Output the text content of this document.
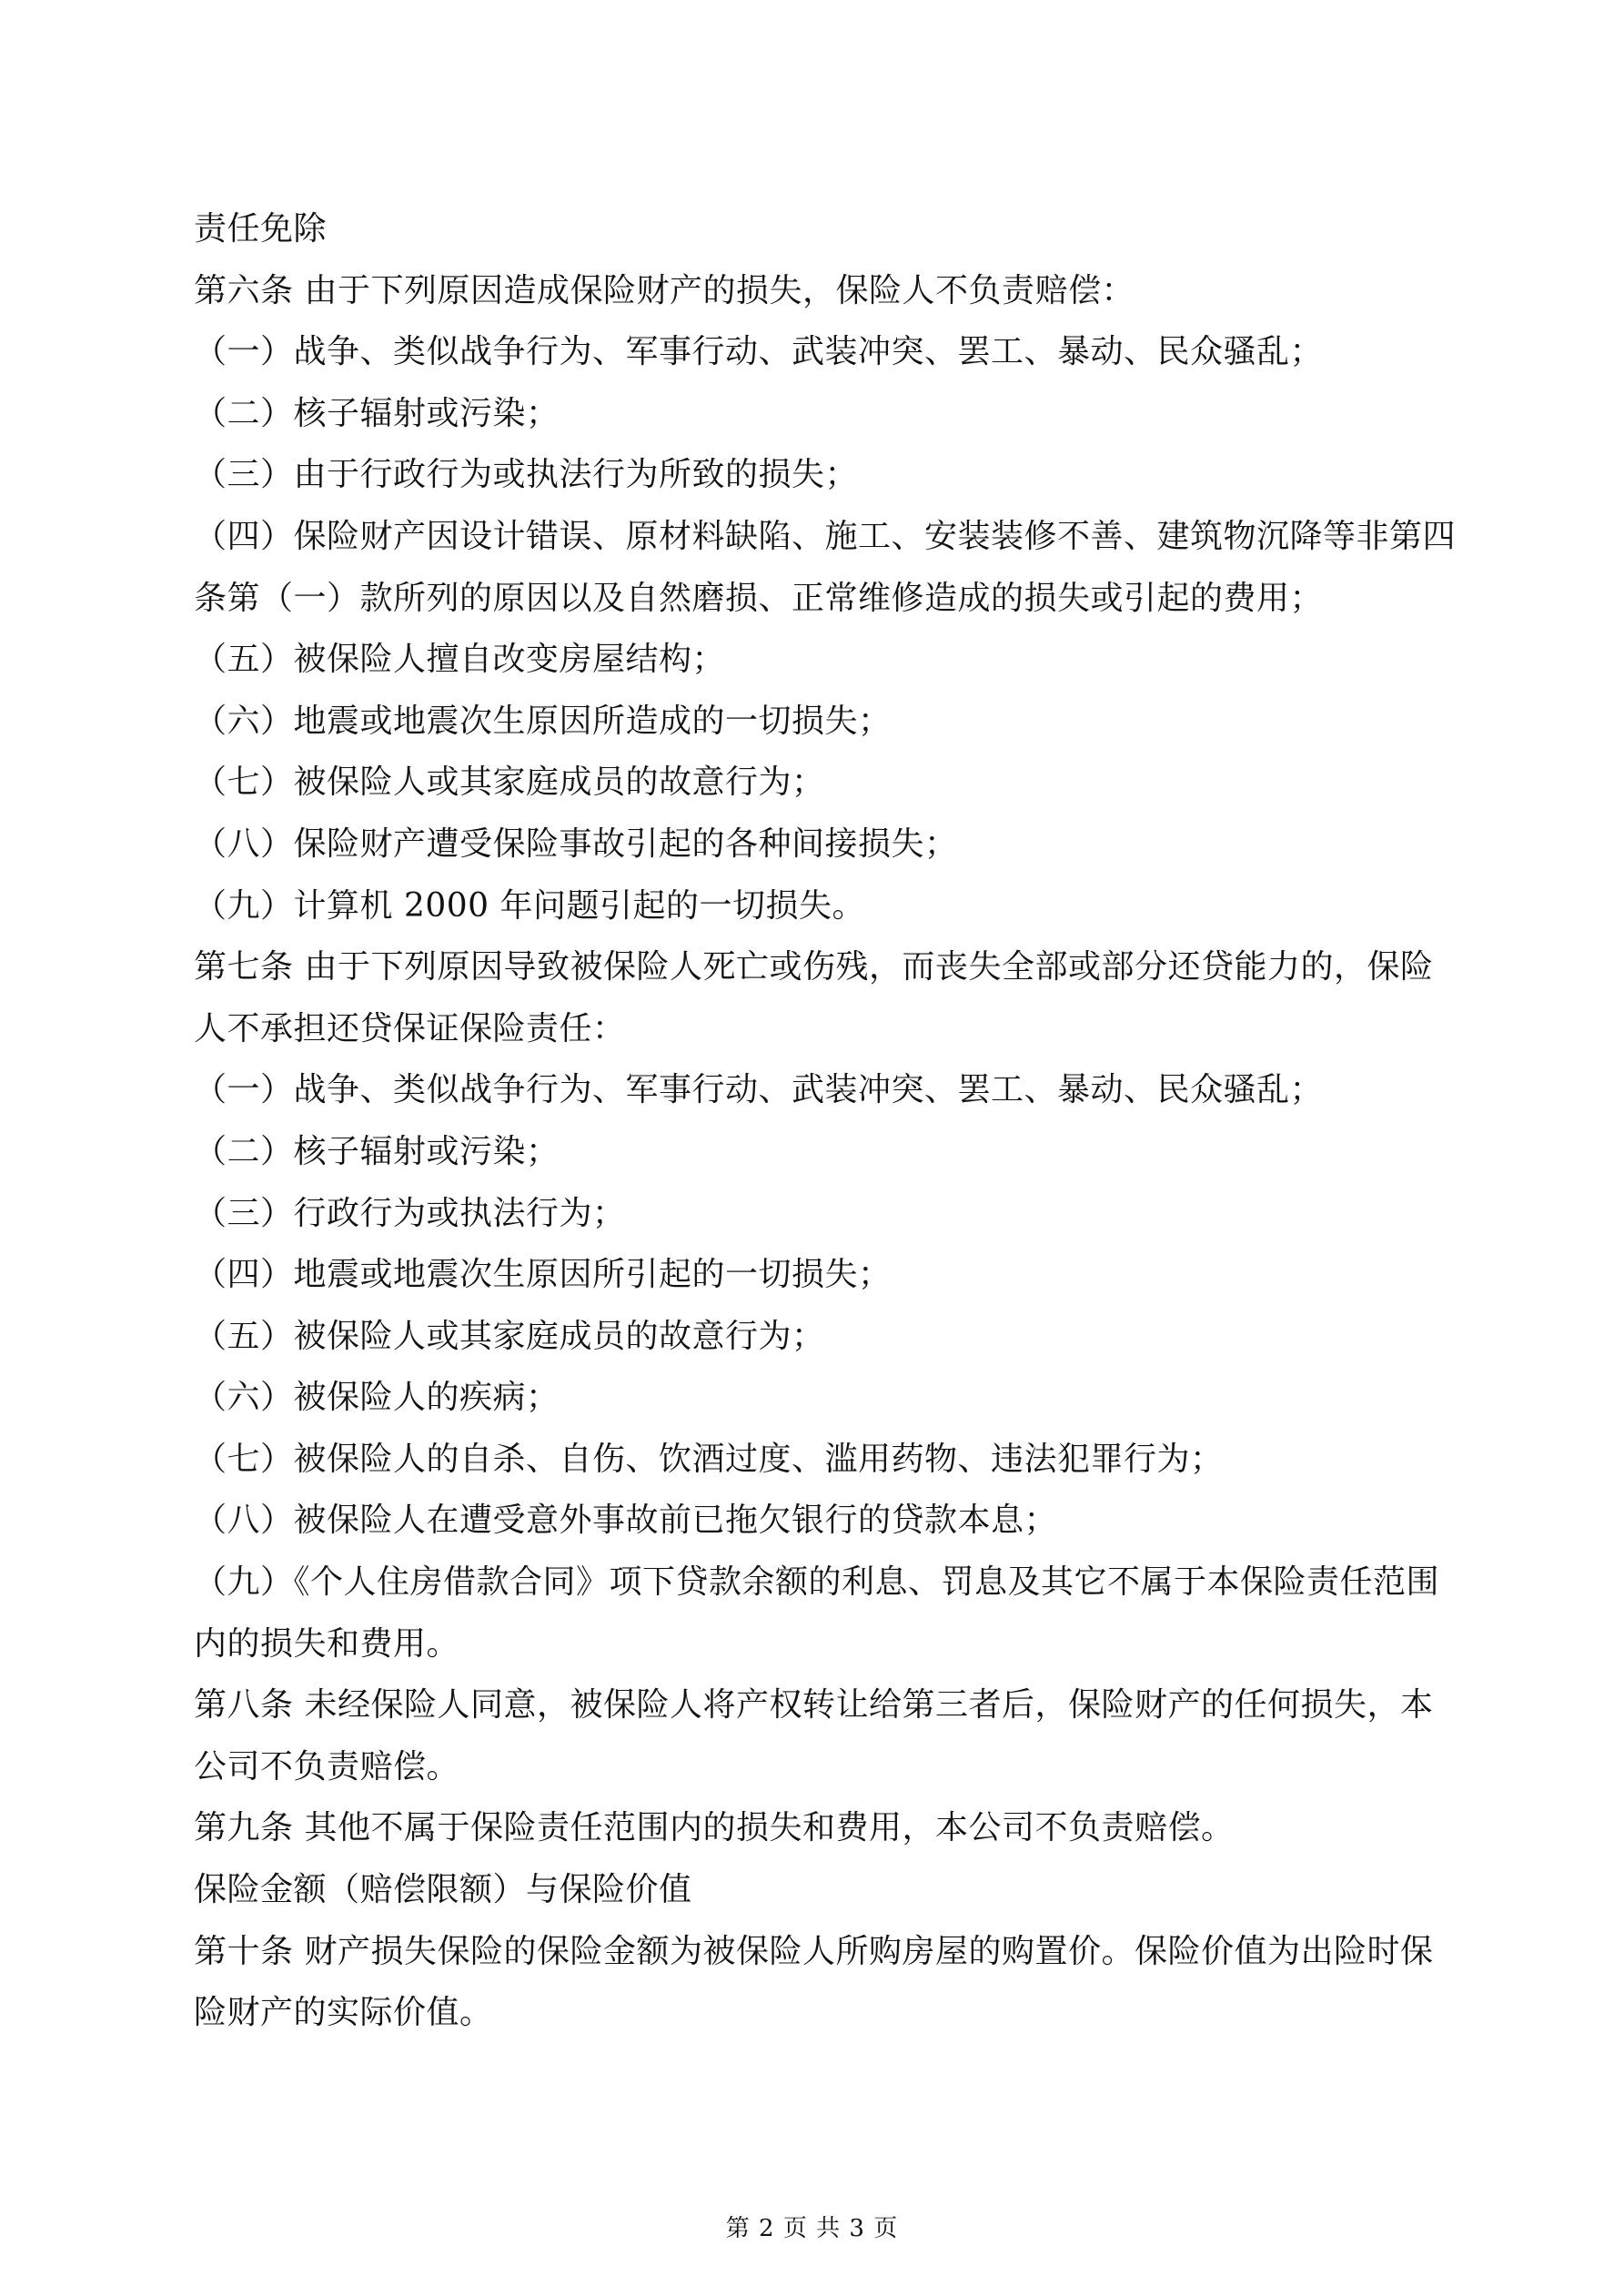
责任免除
第六条 由于下列原因造成保险财产的损失，保险人不负责赔偿：
（一）战争、类似战争行为、军事行动、武装冲突、罢工、暴动、民众骚乱；
（二）核子辐射或污染；
（三）由于行政行为或执法行为所致的损失；
（四）保险财产因设计错误、原材料缺陷、施工、安装装修不善、建筑物沉降等非第四
条第（一）款所列的原因以及自然磨损、正常维修造成的损失或引起的费用；
（五）被保险人擅自改变房屋结构；
（六）地震或地震次生原因所造成的一切损失；
（七）被保险人或其家庭成员的故意行为；
（八）保险财产遭受保险事故引起的各种间接损失；
（九）计算机 2000 年问题引起的一切损失。
第七条 由于下列原因导致被保险人死亡或伤残，而丧失全部或部分还贷能力的，保险
人不承担还贷保证保险责任：
（一）战争、类似战争行为、军事行动、武装冲突、罢工、暴动、民众骚乱；
（二）核子辐射或污染；
（三）行政行为或执法行为；
（四）地震或地震次生原因所引起的一切损失；
（五）被保险人或其家庭成员的故意行为；
（六）被保险人的疾病；
（七）被保险人的自杀、自伤、饮酒过度、滥用药物、违法犯罪行为；
（八）被保险人在遭受意外事故前已拖欠银行的贷款本息；
（九）《个人住房借款合同》项下贷款余额的利息、罚息及其它不属于本保险责任范围
内的损失和费用。
第八条 未经保险人同意，被保险人将产权转让给第三者后，保险财产的任何损失，本
公司不负责赔偿。
第九条 其他不属于保险责任范围内的损失和费用，本公司不负责赔偿。
保险金额（赔偿限额）与保险价值
第十条 财产损失保险的保险金额为被保险人所购房屋的购置价。保险价值为出险时保
险财产的实际价值。
第 2 页 共 3 页
